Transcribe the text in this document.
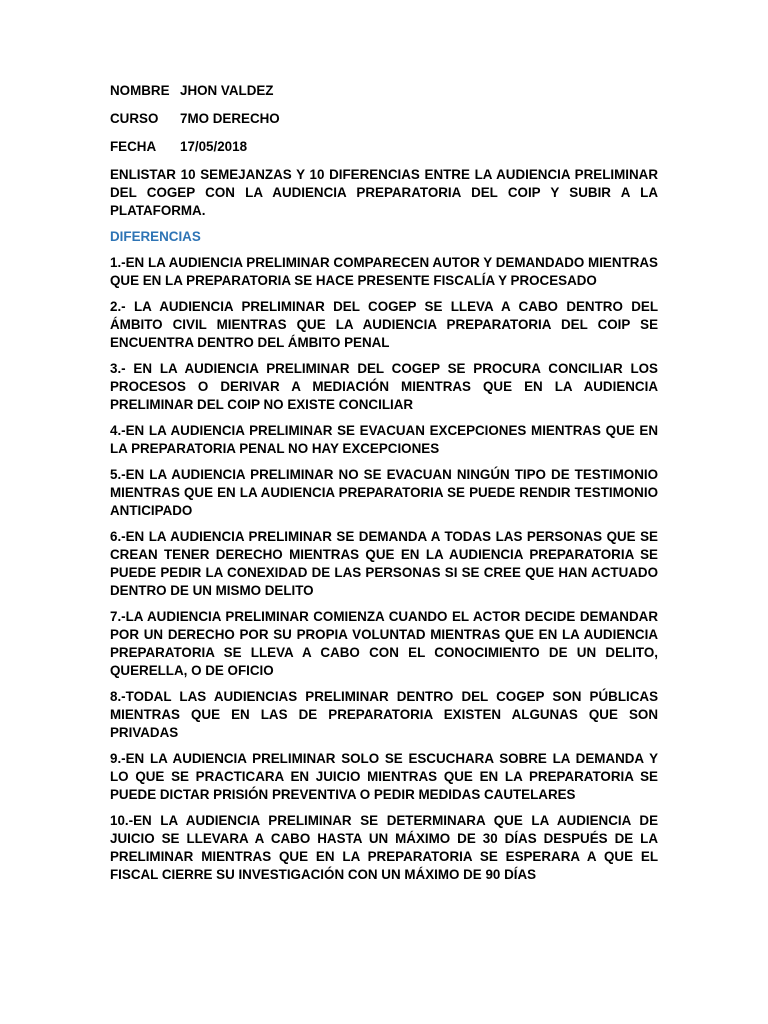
NOMBRE JHON VALDEZ
CURSO 7MO DERECHO
FECHA 17/05/2018

ENLISTAR 10 SEMEJANZAS Y 10 DIFERENCIAS ENTRE LA AUDIENCIA PRELIMINAR DEL COGEP CON LA AUDIENCIA PREPARATORIA DEL COIP Y SUBIR A LA PLATAFORMA.

DIFERENCIAS
1.-EN LA AUDIENCIA PRELIMINAR COMPARECEN AUTOR Y DEMANDADO MIENTRAS QUE EN LA PREPARATORIA SE HACE PRESENTE FISCALÍA Y PROCESADO
2.- LA AUDIENCIA PRELIMINAR DEL COGEP SE LLEVA A CABO DENTRO DEL ÁMBITO CIVIL MIENTRAS QUE LA AUDIENCIA PREPARATORIA DEL COIP SE ENCUENTRA DENTRO DEL ÁMBITO PENAL
3.- EN LA AUDIENCIA PRELIMINAR DEL COGEP SE PROCURA CONCILIAR LOS PROCESOS O DERIVAR A MEDIACIÓN MIENTRAS QUE EN LA AUDIENCIA PRELIMINAR DEL COIP NO EXISTE CONCILIAR
4.-EN LA AUDIENCIA PRELIMINAR SE EVACUAN EXCEPCIONES MIENTRAS QUE EN LA PREPARATORIA PENAL NO HAY EXCEPCIONES
5.-EN LA AUDIENCIA PRELIMINAR NO SE EVACUAN NINGÚN TIPO DE TESTIMONIO MIENTRAS QUE EN LA AUDIENCIA PREPARATORIA SE PUEDE RENDIR TESTIMONIO ANTICIPADO
6.-EN LA AUDIENCIA PRELIMINAR SE DEMANDA A TODAS LAS PERSONAS QUE SE CREAN TENER DERECHO MIENTRAS QUE EN LA AUDIENCIA PREPARATORIA SE PUEDE PEDIR LA CONEXIDAD DE LAS PERSONAS SI SE CREE QUE HAN ACTUADO DENTRO DE UN MISMO DELITO
7.-LA AUDIENCIA PRELIMINAR COMIENZA CUANDO EL ACTOR DECIDE DEMANDAR POR UN DERECHO POR SU PROPIA VOLUNTAD MIENTRAS QUE EN LA AUDIENCIA PREPARATORIA SE LLEVA A CABO CON EL CONOCIMIENTO DE UN DELITO, QUERELLA, O DE OFICIO
8.-TODAL LAS AUDIENCIAS PRELIMINAR DENTRO DEL COGEP SON PÚBLICAS MIENTRAS QUE EN LAS DE PREPARATORIA EXISTEN ALGUNAS QUE SON PRIVADAS
9.-EN LA AUDIENCIA PRELIMINAR SOLO SE ESCUCHARA SOBRE LA DEMANDA Y LO QUE SE PRACTICARA EN JUICIO MIENTRAS QUE EN LA PREPARATORIA SE PUEDE DICTAR PRISIÓN PREVENTIVA O PEDIR MEDIDAS CAUTELARES
10.-EN LA AUDIENCIA PRELIMINAR SE DETERMINARA QUE LA AUDIENCIA DE JUICIO SE LLEVARA A CABO HASTA UN MÁXIMO DE 30 DÍAS DESPUÉS DE LA PRELIMINAR MIENTRAS QUE EN LA PREPARATORIA SE ESPERARA A QUE EL FISCAL CIERRE SU INVESTIGACIÓN CON UN MÁXIMO DE 90 DÍAS
